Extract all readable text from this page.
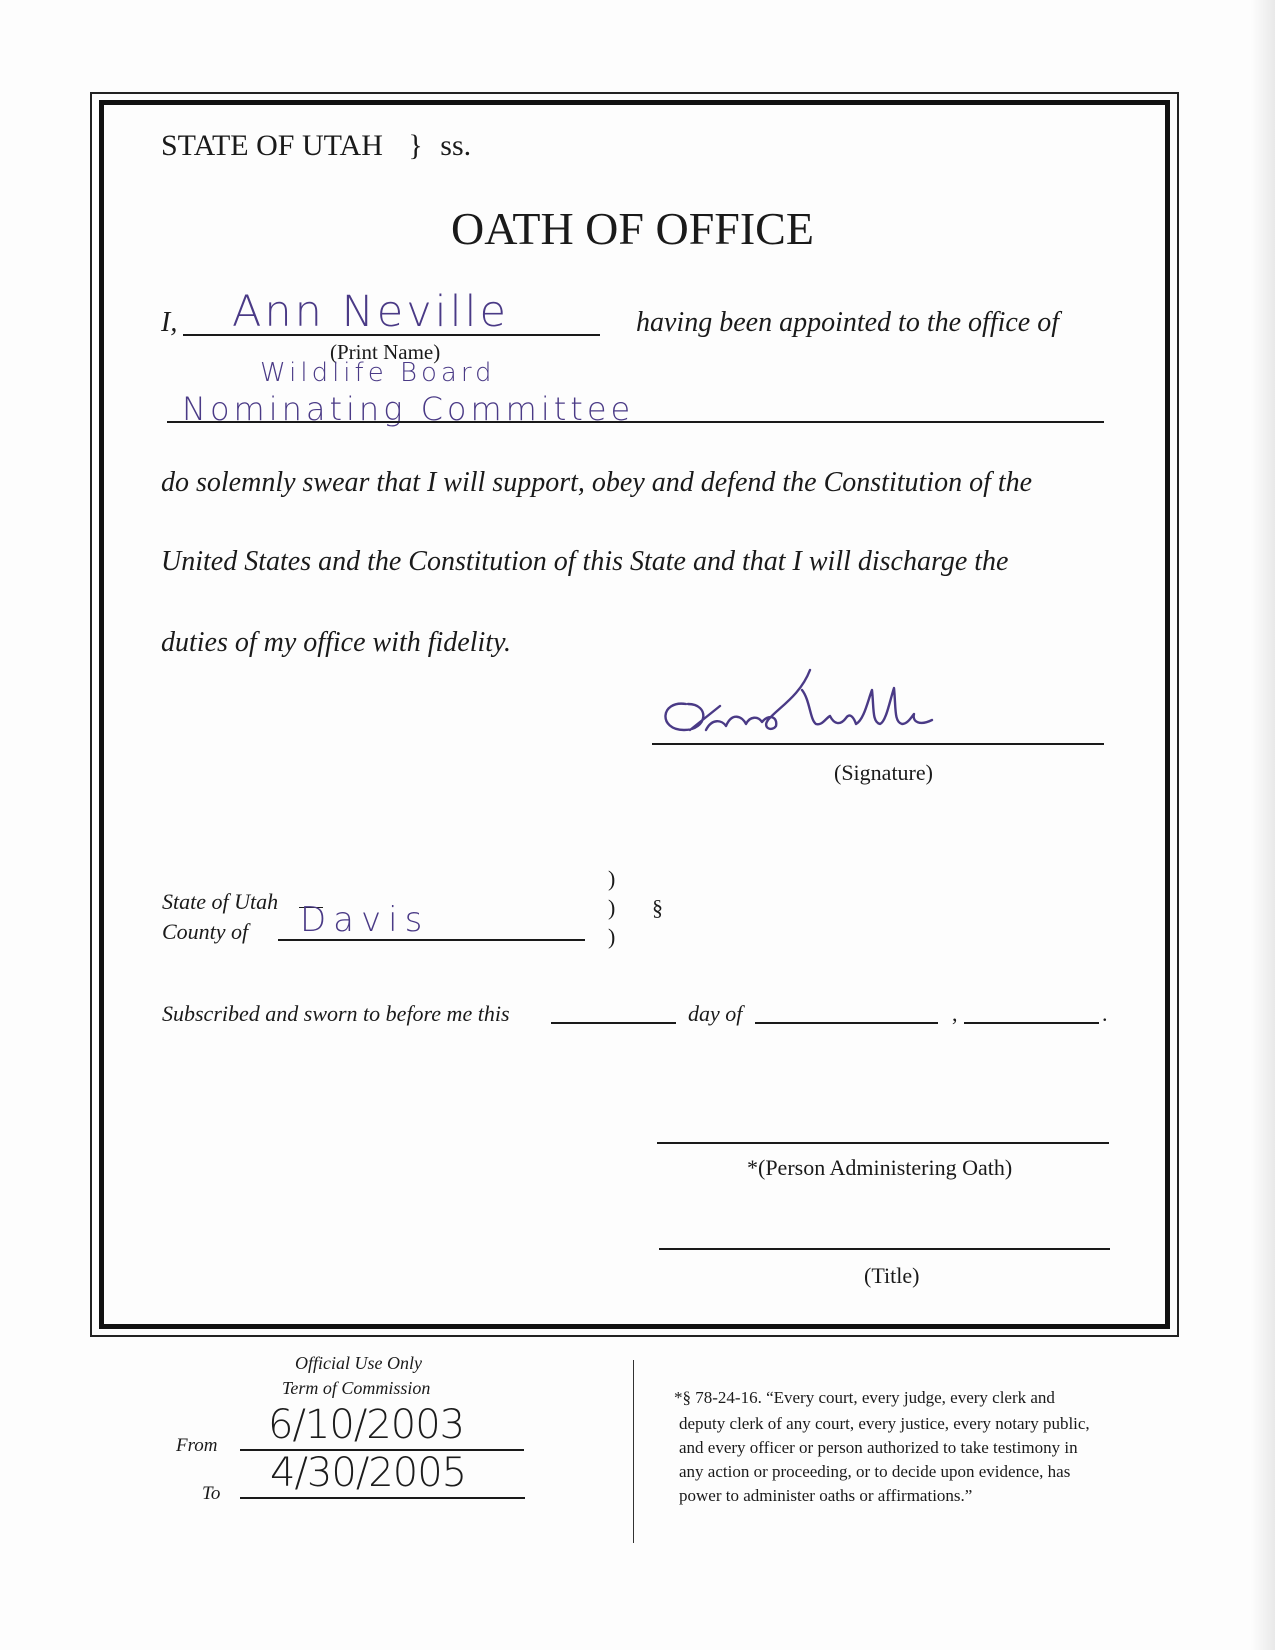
STATE OF UTAH } ss.
OATH OF OFFICE
I, Ann Neville
(Print Name)
having been appointed to the office of
Wildlife Board
Nominating Committee
do solemnly swear that I will support, obey and defend the Constitution of the
United States and the Constitution of this State and that I will discharge the
duties of my office with fidelity.
(Signature)
State of Utah
County of Davis
)
)
)
§
Subscribed and sworn to before me this	day of	,	.
*(Person Administering Oath)
(Title)
Official Use Only
Term of Commission
From 6/10/2003
To 4/30/2005
*§ 78-24-16. “Every court, every judge, every clerk and
deputy clerk of any court, every justice, every notary public,
and every officer or person authorized to take testimony in
any action or proceeding, or to decide upon evidence, has
power to administer oaths or affirmations.”
